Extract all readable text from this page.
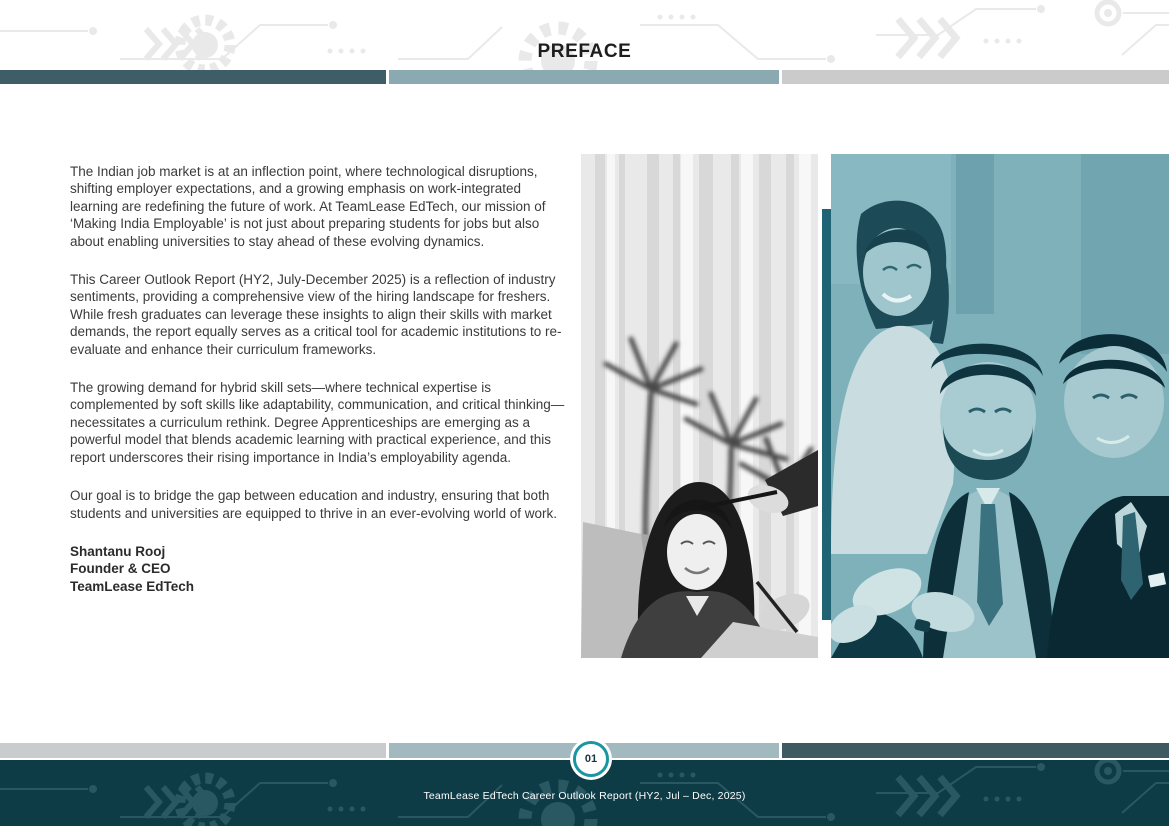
PREFACE

The Indian job market is at an inflection point, where technological disruptions, shifting employer expectations, and a growing emphasis on work-integrated learning are redefining the future of work. At TeamLease EdTech, our mission of ‘Making India Employable’ is not just about preparing students for jobs but also about enabling universities to stay ahead of these evolving dynamics.

This Career Outlook Report (HY2, July-December 2025) is a reflection of industry sentiments, providing a comprehensive view of the hiring landscape for freshers. While fresh graduates can leverage these insights to align their skills with market demands, the report equally serves as a critical tool for academic institutions to re-evaluate and enhance their curriculum frameworks.

The growing demand for hybrid skill sets—where technical expertise is complemented by soft skills like adaptability, communication, and critical thinking—necessitates a curriculum rethink. Degree Apprenticeships are emerging as a powerful model that blends academic learning with practical experience, and this report underscores their rising importance in India’s employability agenda.

Our goal is to bridge the gap between education and industry, ensuring that both students and universities are equipped to thrive in an ever-evolving world of work.

Shantanu Rooj
Founder & CEO
TeamLease EdTech
01
TeamLease EdTech Career Outlook Report (HY2, Jul – Dec, 2025)
